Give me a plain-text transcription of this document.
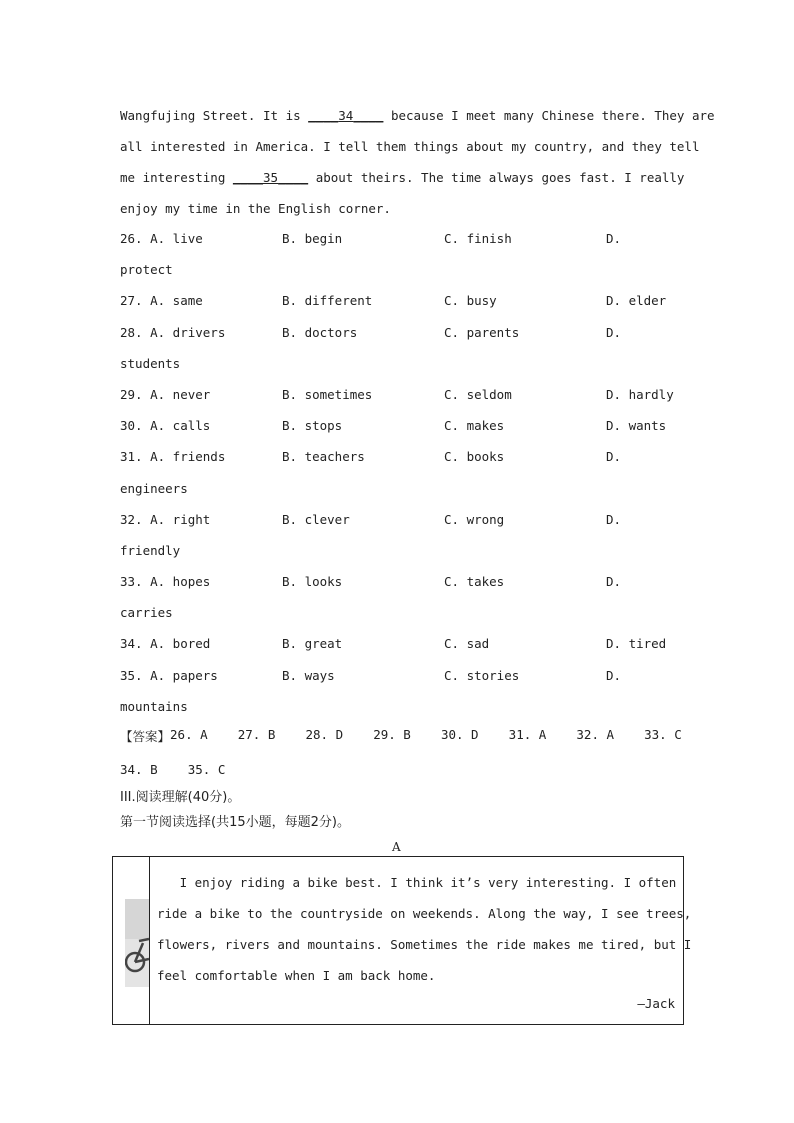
Wangfujing Street. It is ____34____ because I meet many Chinese there. They are
all interested in America. I tell them things about my country, and they tell
me interesting ____35____ about theirs. The time always goes fast. I really
enjoy my time in the English corner.
26. A. live	B. begin	C. finish	D.
protect
27. A. same	B. different	C. busy	D. elder
28. A. drivers	B. doctors	C. parents	D.
students
29. A. never	B. sometimes	C. seldom	D. hardly
30. A. calls	B. stops	C. makes	D. wants
31. A. friends	B. teachers	C. books	D.
engineers
32. A. right	B. clever	C. wrong	D.
friendly
33. A. hopes	B. looks	C. takes	D.
carries
34. A. bored	B. great	C. sad	D. tired
35. A. papers	B. ways	C. stories	D.
mountains
【答案】 26. A    27. B    28. D    29. B    30. D    31. A    32. A    33. C
34. B    35. C
III.阅读理解(40分)。
第一节阅读选择(共15小题，每题2分)。
A
I enjoy riding a bike best. I think it’s very interesting. I often
ride a bike to the countryside on weekends. Along the way, I see trees,
flowers, rivers and mountains. Sometimes the ride makes me tired, but I
feel comfortable when I am back home.
—Jack
